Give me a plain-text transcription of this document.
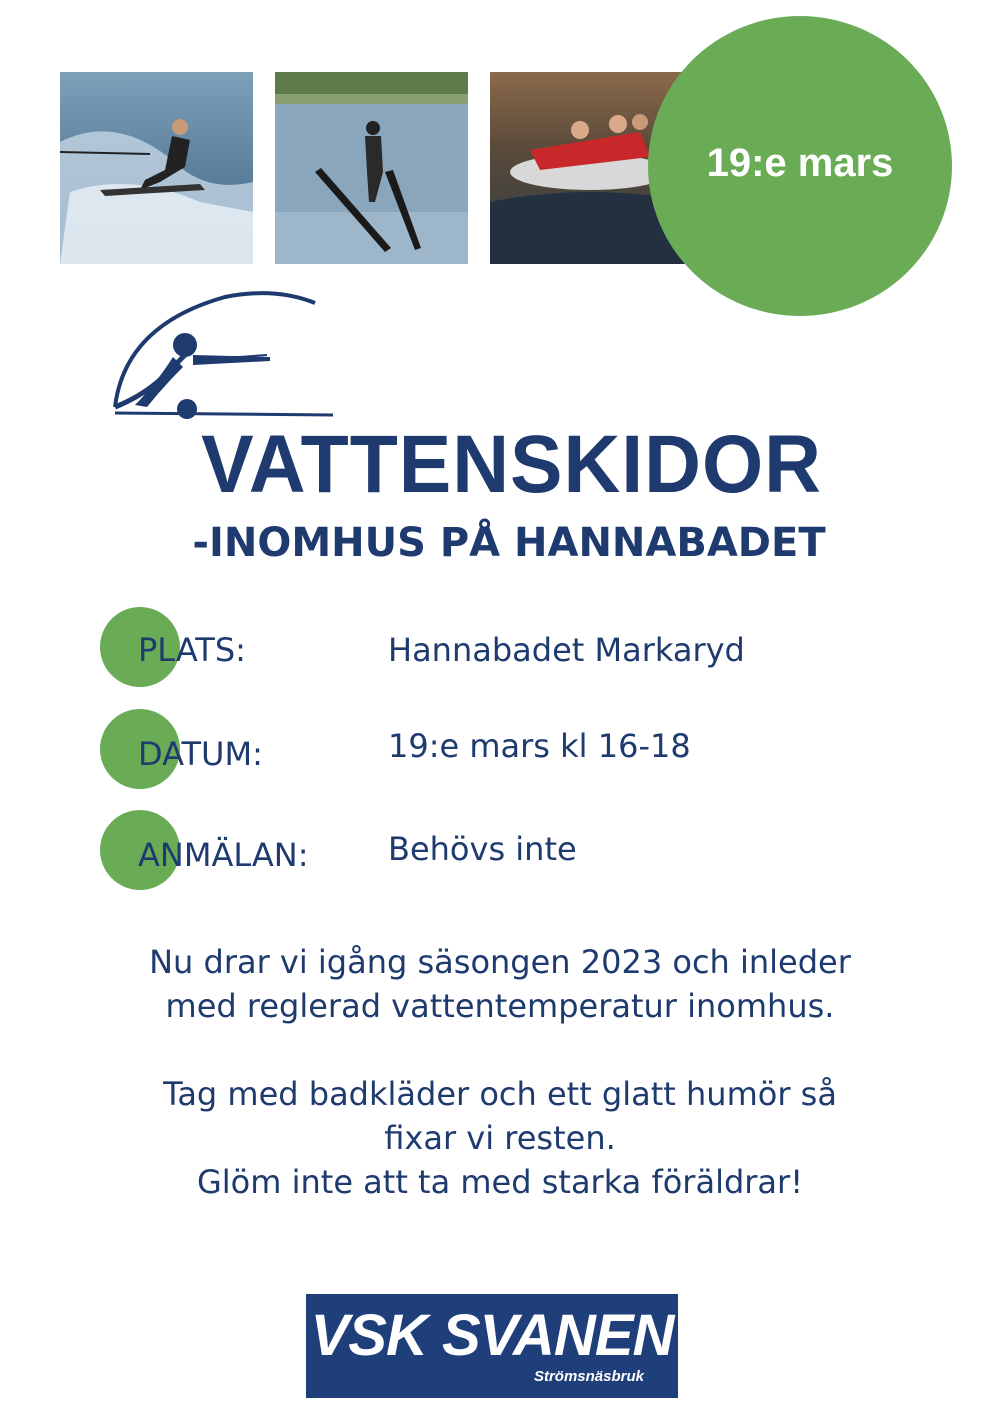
19:e mars
VATTENSKIDOR
-INOMHUS PÅ HANNABADET
PLATS:	Hannabadet Markaryd
DATUM:	19:e mars kl 16-18
ANMÄLAN: Behövs inte
Nu drar vi igång säsongen 2023 och inleder
med reglerad vattentemperatur inomhus.
Tag med badkläder och ett glatt humör så
fixar vi resten.
Glöm inte att ta med starka föräldrar!
VSK SVANEN
Strömsnäsbruk
